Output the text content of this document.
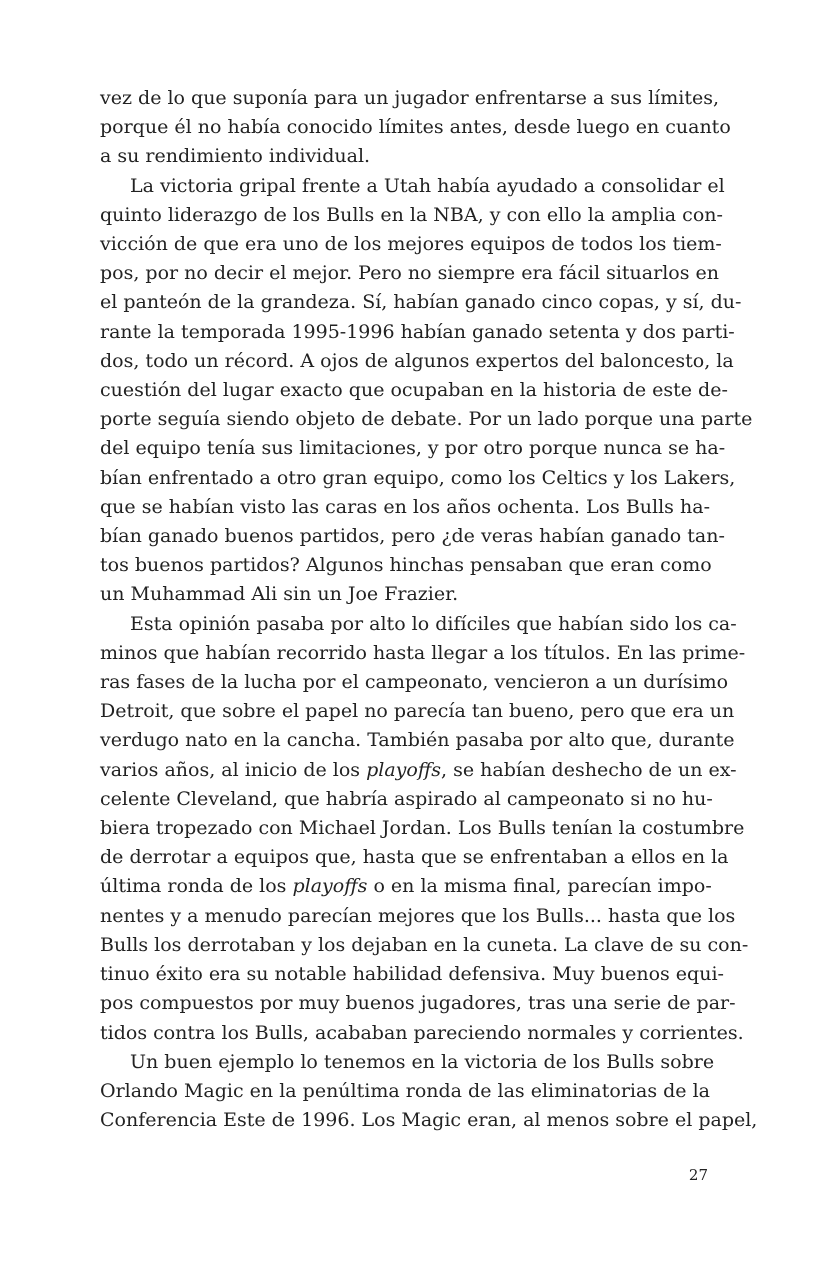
vez de lo que suponía para un jugador enfrentarse a sus límites,
porque él no había conocido límites antes, desde luego en cuanto
a su rendimiento individual.
La victoria gripal frente a Utah había ayudado a consolidar el
quinto liderazgo de los Bulls en la NBA, y con ello la amplia con-
vicción de que era uno de los mejores equipos de todos los tiem-
pos, por no decir el mejor. Pero no siempre era fácil situarlos en
el panteón de la grandeza. Sí, habían ganado cinco copas, y sí, du-
rante la temporada 1995-1996 habían ganado setenta y dos parti-
dos, todo un récord. A ojos de algunos expertos del baloncesto, la
cuestión del lugar exacto que ocupaban en la historia de este de-
porte seguía siendo objeto de debate. Por un lado porque una parte
del equipo tenía sus limitaciones, y por otro porque nunca se ha-
bían enfrentado a otro gran equipo, como los Celtics y los Lakers,
que se habían visto las caras en los años ochenta. Los Bulls ha-
bían ganado buenos partidos, pero ¿de veras habían ganado tan-
tos buenos partidos? Algunos hinchas pensaban que eran como
un Muhammad Ali sin un Joe Frazier.
Esta opinión pasaba por alto lo difíciles que habían sido los ca-
minos que habían recorrido hasta llegar a los títulos. En las prime-
ras fases de la lucha por el campeonato, vencieron a un durísimo
Detroit, que sobre el papel no parecía tan bueno, pero que era un
verdugo nato en la cancha. También pasaba por alto que, durante
varios años, al inicio de los playoffs, se habían deshecho de un ex-
celente Cleveland, que habría aspirado al campeonato si no hu-
biera tropezado con Michael Jordan. Los Bulls tenían la costumbre
de derrotar a equipos que, hasta que se enfrentaban a ellos en la
última ronda de los playoffs o en la misma final, parecían impo-
nentes y a menudo parecían mejores que los Bulls... hasta que los
Bulls los derrotaban y los dejaban en la cuneta. La clave de su con-
tinuo éxito era su notable habilidad defensiva. Muy buenos equi-
pos compuestos por muy buenos jugadores, tras una serie de par-
tidos contra los Bulls, acababan pareciendo normales y corrientes.
Un buen ejemplo lo tenemos en la victoria de los Bulls sobre
Orlando Magic en la penúltima ronda de las eliminatorias de la
Conferencia Este de 1996. Los Magic eran, al menos sobre el papel,
27
